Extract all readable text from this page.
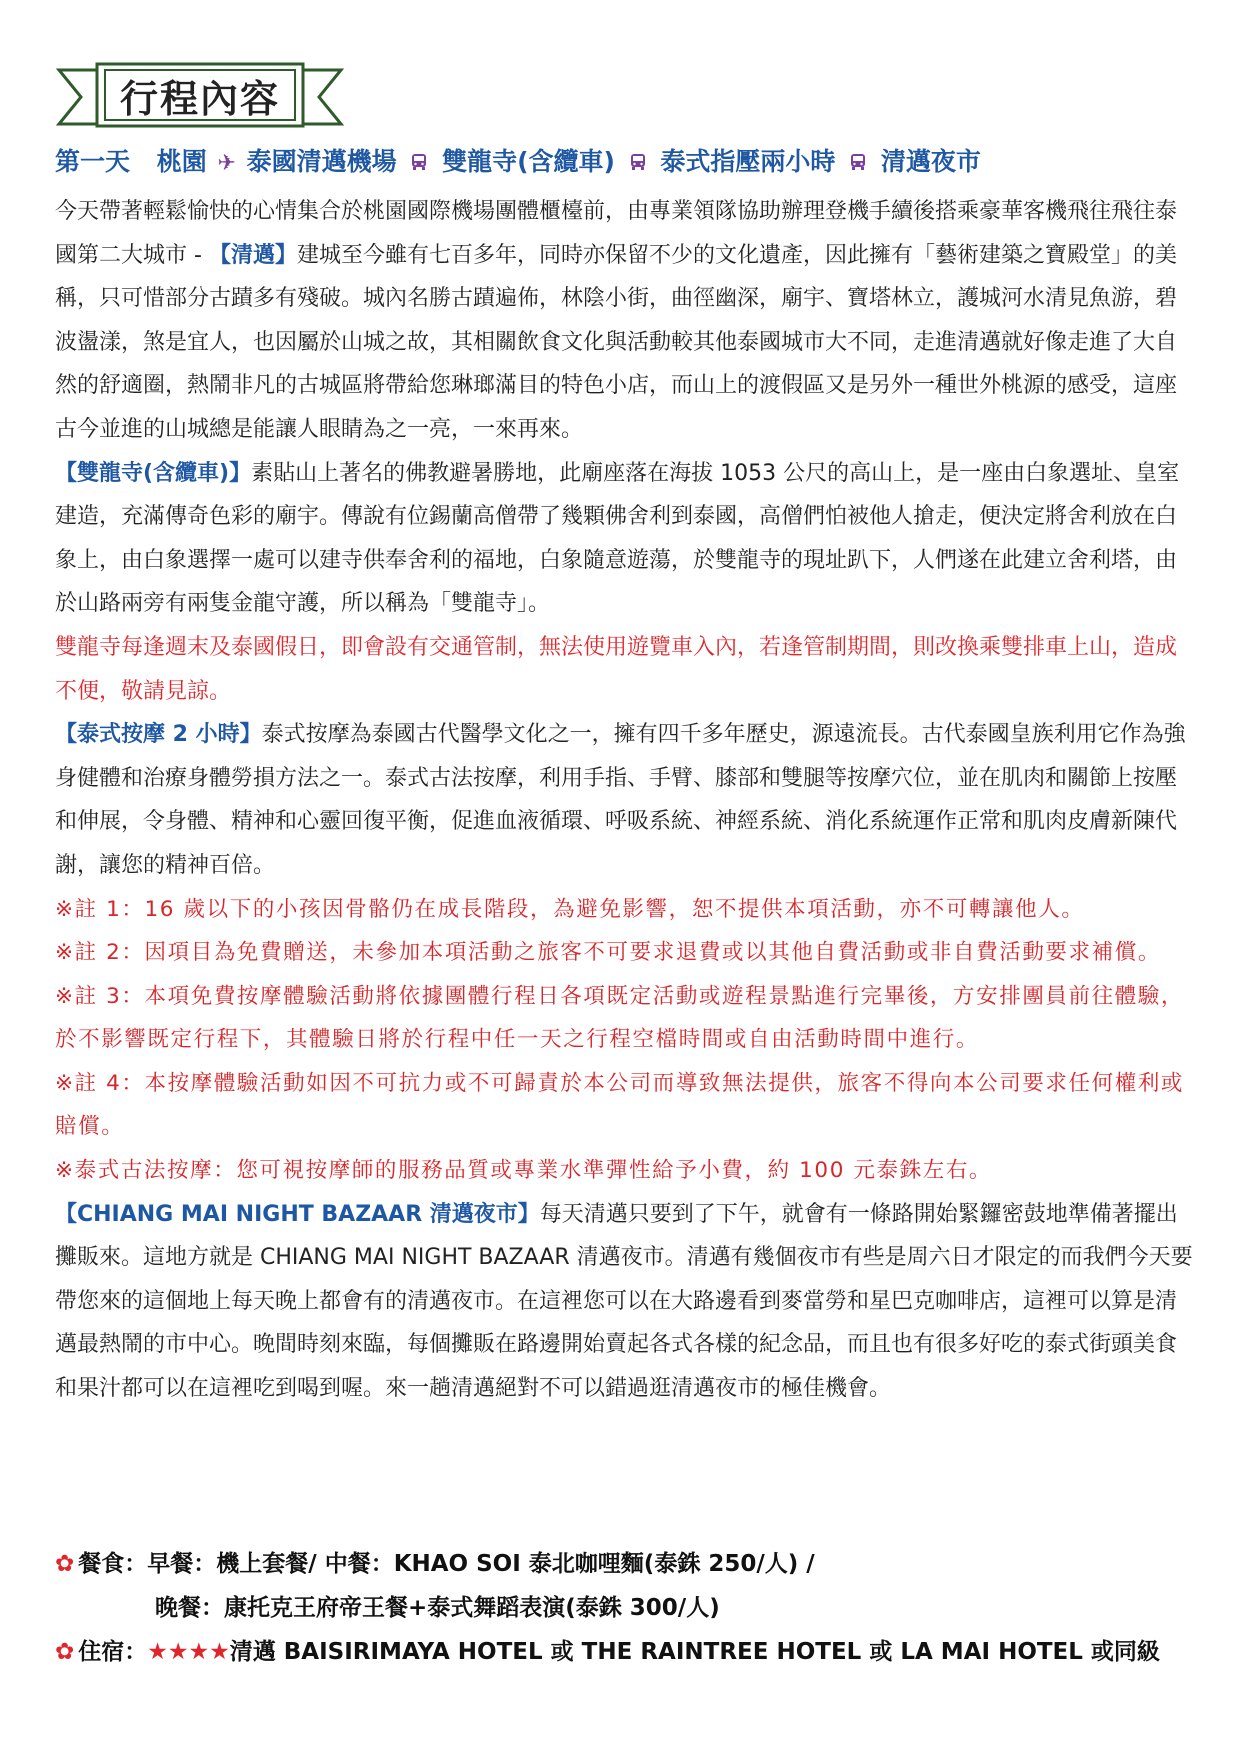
行程內容
第一天 桃園 ✈ 泰國清邁機場 雙龍寺(含纜車) 泰式指壓兩小時 清邁夜市

今天帶著輕鬆愉快的心情集合於桃園國際機場團體櫃檯前，由專業領隊協助辦理登機手續後搭乘豪華客機飛往飛往泰國第二大城市 - 【清邁】建城至今雖有七百多年，同時亦保留不少的文化遺產，因此擁有「藝術建築之寶殿堂」的美稱，只可惜部分古蹟多有殘破。城內名勝古蹟遍佈，林陰小街，曲徑幽深，廟宇、寶塔林立，護城河水清見魚游，碧波盪漾，煞是宜人，也因屬於山城之故，其相關飲食文化與活動較其他泰國城市大不同，走進清邁就好像走進了大自然的舒適圈，熱鬧非凡的古城區將帶給您琳瑯滿目的特色小店，而山上的渡假區又是另外一種世外桃源的感受，這座古今並進的山城總是能讓人眼睛為之一亮，一來再來。

【雙龍寺(含纜車)】素貼山上著名的佛教避暑勝地，此廟座落在海拔 1053 公尺的高山上，是一座由白象選址、皇室建造，充滿傳奇色彩的廟宇。傳說有位錫蘭高僧帶了幾顆佛舍利到泰國，高僧們怕被他人搶走，便決定將舍利放在白象上，由白象選擇一處可以建寺供奉舍利的福地，白象隨意遊蕩，於雙龍寺的現址趴下，人們遂在此建立舍利塔，由於山路兩旁有兩隻金龍守護，所以稱為「雙龍寺」。

雙龍寺每逢週末及泰國假日，即會設有交通管制，無法使用遊覽車入內，若逢管制期間，則改換乘雙排車上山，造成不便，敬請見諒。

【泰式按摩 2 小時】泰式按摩為泰國古代醫學文化之一，擁有四千多年歷史，源遠流長。古代泰國皇族利用它作為強身健體和治療身體勞損方法之一。泰式古法按摩，利用手指、手臂、膝部和雙腿等按摩穴位，並在肌肉和關節上按壓和伸展，令身體、精神和心靈回復平衡，促進血液循環、呼吸系統、神經系統、消化系統運作正常和肌肉皮膚新陳代謝，讓您的精神百倍。

※註 1：16 歲以下的小孩因骨骼仍在成長階段，為避免影響，恕不提供本項活動，亦不可轉讓他人。

※註 2：因項目為免費贈送，未參加本項活動之旅客不可要求退費或以其他自費活動或非自費活動要求補償。

※註 3：本項免費按摩體驗活動將依據團體行程日各項既定活動或遊程景點進行完畢後，方安排團員前往體驗，於不影響既定行程下，其體驗日將於行程中任一天之行程空檔時間或自由活動時間中進行。

※註 4：本按摩體驗活動如因不可抗力或不可歸責於本公司而導致無法提供，旅客不得向本公司要求任何權利或賠償。

※泰式古法按摩：您可視按摩師的服務品質或專業水準彈性給予小費，約 100 元泰銖左右。

【CHIANG MAI NIGHT BAZAAR 清邁夜市】每天清邁只要到了下午，就會有一條路開始緊鑼密鼓地準備著擺出攤販來。這地方就是 CHIANG MAI NIGHT BAZAAR 清邁夜市。清邁有幾個夜市有些是周六日才限定的而我們今天要帶您來的這個地上每天晚上都會有的清邁夜市。在這裡您可以在大路邊看到麥當勞和星巴克咖啡店，這裡可以算是清邁最熱鬧的市中心。晚間時刻來臨，每個攤販在路邊開始賣起各式各樣的紀念品，而且也有很多好吃的泰式街頭美食和果汁都可以在這裡吃到喝到喔。來一趟清邁絕對不可以錯過逛清邁夜市的極佳機會。

✿ 餐食：早餐：機上套餐/ 中餐：KHAO SOI 泰北咖哩麵(泰銖 250/人) /
晚餐：康托克王府帝王餐+泰式舞蹈表演(泰銖 300/人)
✿ 住宿：★★★★清邁 BAISIRIMAYA HOTEL 或 THE RAINTREE HOTEL 或 LA MAI HOTEL 或同級
